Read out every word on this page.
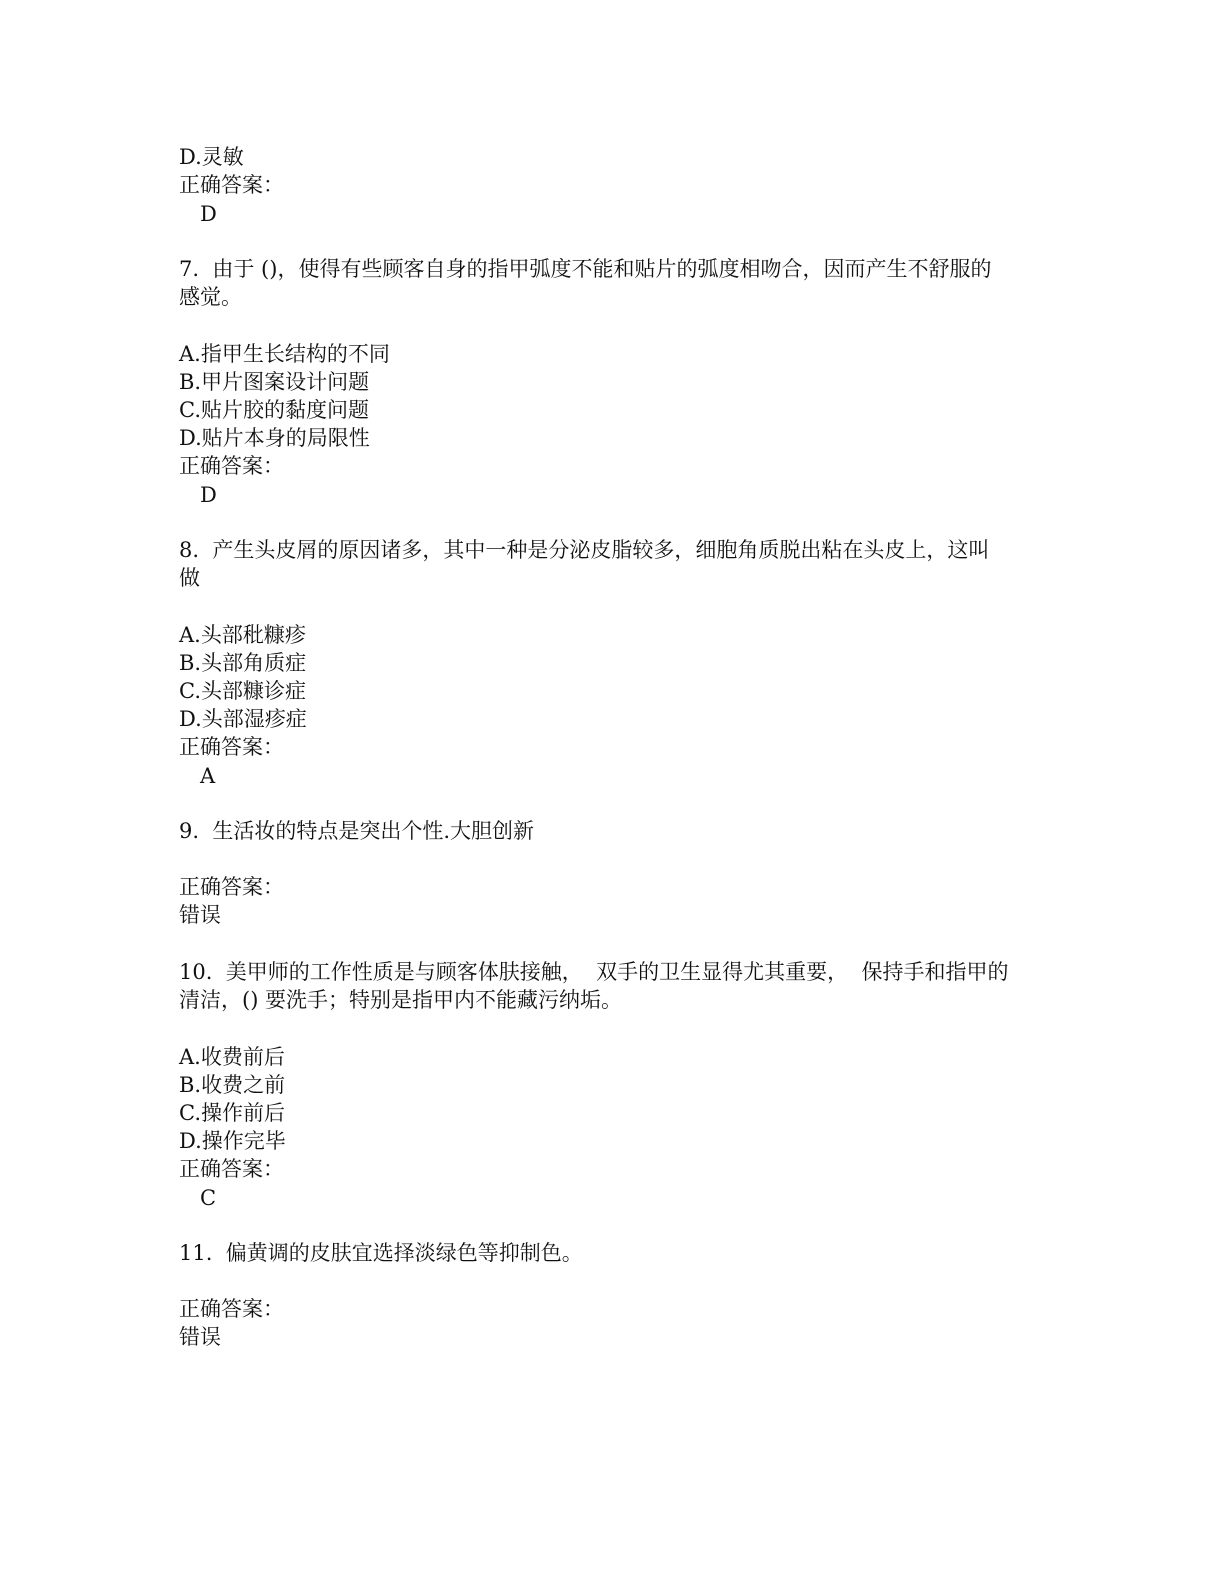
D.灵敏
正确答案：
D
7.  由于 ()，使得有些顾客自身的指甲弧度不能和贴片的弧度相吻合，因而产生不舒服的
感觉。
A.指甲生长结构的不同
B.甲片图案设计问题
C.贴片胶的黏度问题
D.贴片本身的局限性
正确答案：
D
8.  产生头皮屑的原因诸多，其中一种是分泌皮脂较多，细胞角质脱出粘在头皮上，这叫
做
A.头部秕糠疹
B.头部角质症
C.头部糠诊症
D.头部湿疹症
正确答案：
A
9.  生活妆的特点是突出个性.大胆创新
正确答案：
错误
10.  美甲师的工作性质是与顾客体肤接触，  双手的卫生显得尤其重要，  保持手和指甲的
清洁，() 要洗手；特别是指甲内不能藏污纳垢。
A.收费前后
B.收费之前
C.操作前后
D.操作完毕
正确答案：
C
11.  偏黄调的皮肤宜选择淡绿色等抑制色。
正确答案：
错误
